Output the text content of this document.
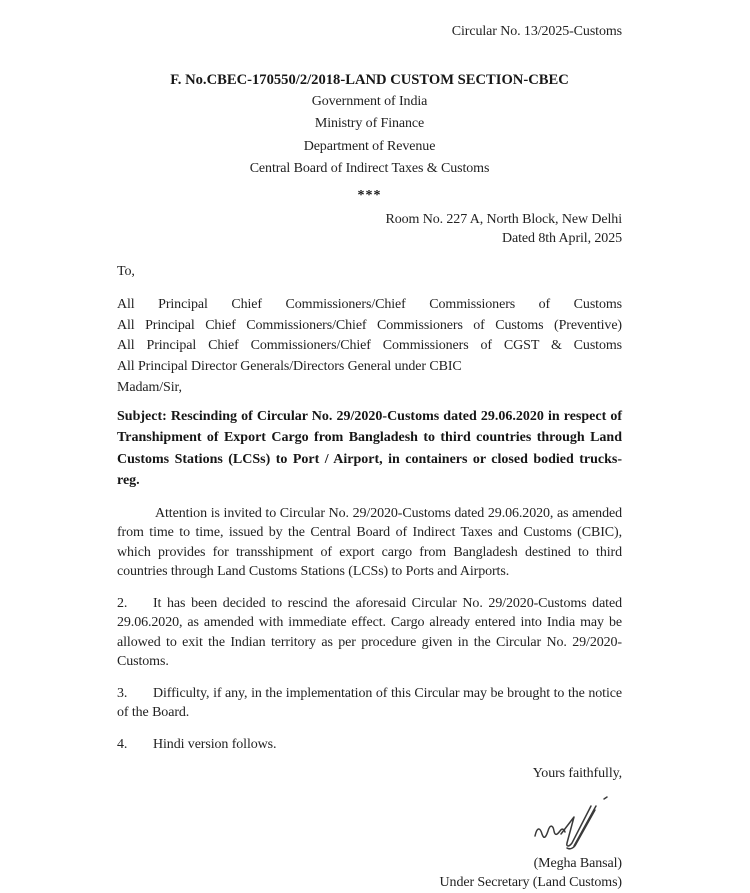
Circular No. 13/2025-Customs
F. No.CBEC-170550/2/2018-LAND CUSTOM SECTION-CBEC
Government of India
Ministry of Finance
Department of Revenue
Central Board of Indirect Taxes & Customs
***
Room No. 227 A, North Block, New Delhi
Dated 8th April, 2025
To,
All Principal Chief Commissioners/Chief Commissioners of Customs
All Principal Chief Commissioners/Chief Commissioners of Customs (Preventive)
All Principal Chief Commissioners/Chief Commissioners of CGST & Customs
All Principal Director Generals/Directors General under CBIC
Madam/Sir,

Subject: Rescinding of Circular No. 29/2020-Customs dated 29.06.2020 in respect of Transhipment of Export Cargo from Bangladesh to third countries through Land Customs Stations (LCSs) to Port / Airport, in containers or closed bodied trucks- reg.

Attention is invited to Circular No. 29/2020-Customs dated 29.06.2020, as amended from time to time, issued by the Central Board of Indirect Taxes and Customs (CBIC), which provides for transshipment of export cargo from Bangladesh destined to third countries through Land Customs Stations (LCSs) to Ports and Airports.

2. It has been decided to rescind the aforesaid Circular No. 29/2020-Customs dated 29.06.2020, as amended with immediate effect. Cargo already entered into India may be allowed to exit the Indian territory as per procedure given in the Circular No. 29/2020-Customs.

3. Difficulty, if any, in the implementation of this Circular may be brought to the notice of the Board.

4. Hindi version follows.

Yours faithfully,
(Megha Bansal)
Under Secretary (Land Customs)
